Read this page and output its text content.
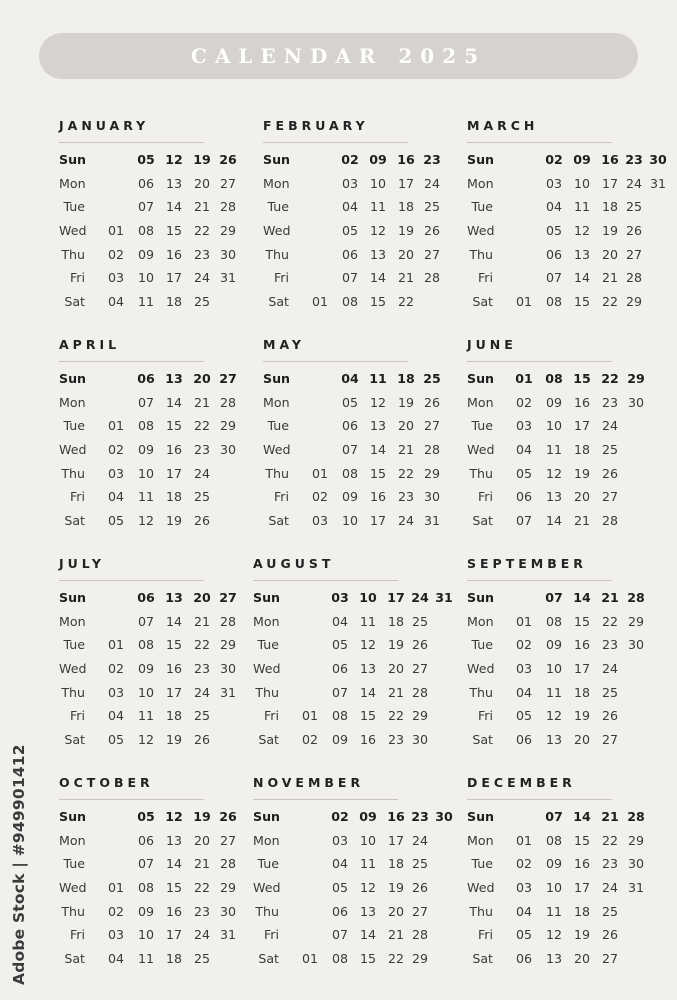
CALENDAR 2025
JANUARY
Sun	05 12 19 26
Mon	06 13 20 27
Tue	07 14 21 28
Wed 01 08 15 22 29
Thu 02 09 16 23 30
Fri 03 10 17 24 31
Sat 04 11 18 25
FEBRUARY
Sun	02 09 16 23
Mon	03 10 17 24
Tue	04 11 18 25
Wed	05 12 19 26
Thu	06 13 20 27
Fri	07 14 21 28
Sat 01 08 15 22
MARCH
Sun	02 09 16 23 30
Mon	03 10 17 24 31
Tue	04 11 18 25
Wed	05 12 19 26
Thu	06 13 20 27
Fri	07 14 21 28
Sat 01 08 15 22 29
APRIL
Sun	06 13 20 27
Mon	07 14 21 28
Tue 01 08 15 22 29
Wed 02 09 16 23 30
Thu 03 10 17 24
Fri 04 11 18 25
Sat 05 12 19 26
MAY
Sun	04 11 18 25
Mon	05 12 19 26
Tue	06 13 20 27
Wed	07 14 21 28
Thu 01 08 15 22 29
Fri 02 09 16 23 30
Sat 03 10 17 24 31
JUNE
Sun 01 08 15 22 29
Mon 02 09 16 23 30
Tue 03 10 17 24
Wed 04 11 18 25
Thu 05 12 19 26
Fri 06 13 20 27
Sat 07 14 21 28
JULY
Sun	06 13 20 27
Mon	07 14 21 28
Tue 01 08 15 22 29
Wed 02 09 16 23 30
Thu 03 10 17 24 31
Fri 04 11 18 25
Sat 05 12 19 26
AUGUST
Sun	03 10 17 24 31
Mon	04 11 18 25
Tue	05 12 19 26
Wed	06 13 20 27
Thu	07 14 21 28
Fri 01 08 15 22 29
Sat 02 09 16 23 30
SEPTEMBER
Sun	07 14 21 28
Mon 01 08 15 22 29
Tue 02 09 16 23 30
Wed 03 10 17 24
Thu 04 11 18 25
Fri 05 12 19 26
Sat 06 13 20 27
OCTOBER
Sun	05 12 19 26
Mon	06 13 20 27
Tue	07 14 21 28
Wed 01 08 15 22 29
Thu 02 09 16 23 30
Fri 03 10 17 24 31
Sat 04 11 18 25
NOVEMBER
Sun	02 09 16 23 30
Mon	03 10 17 24
Tue	04 11 18 25
Wed	05 12 19 26
Thu	06 13 20 27
Fri	07 14 21 28
Sat 01 08 15 22 29
DECEMBER
Sun	07 14 21 28
Mon 01 08 15 22 29
Tue 02 09 16 23 30
Wed 03 10 17 24 31
Thu 04 11 18 25
Fri 05 12 19 26
Sat 06 13 20 27
Adobe Stock | #949901412
